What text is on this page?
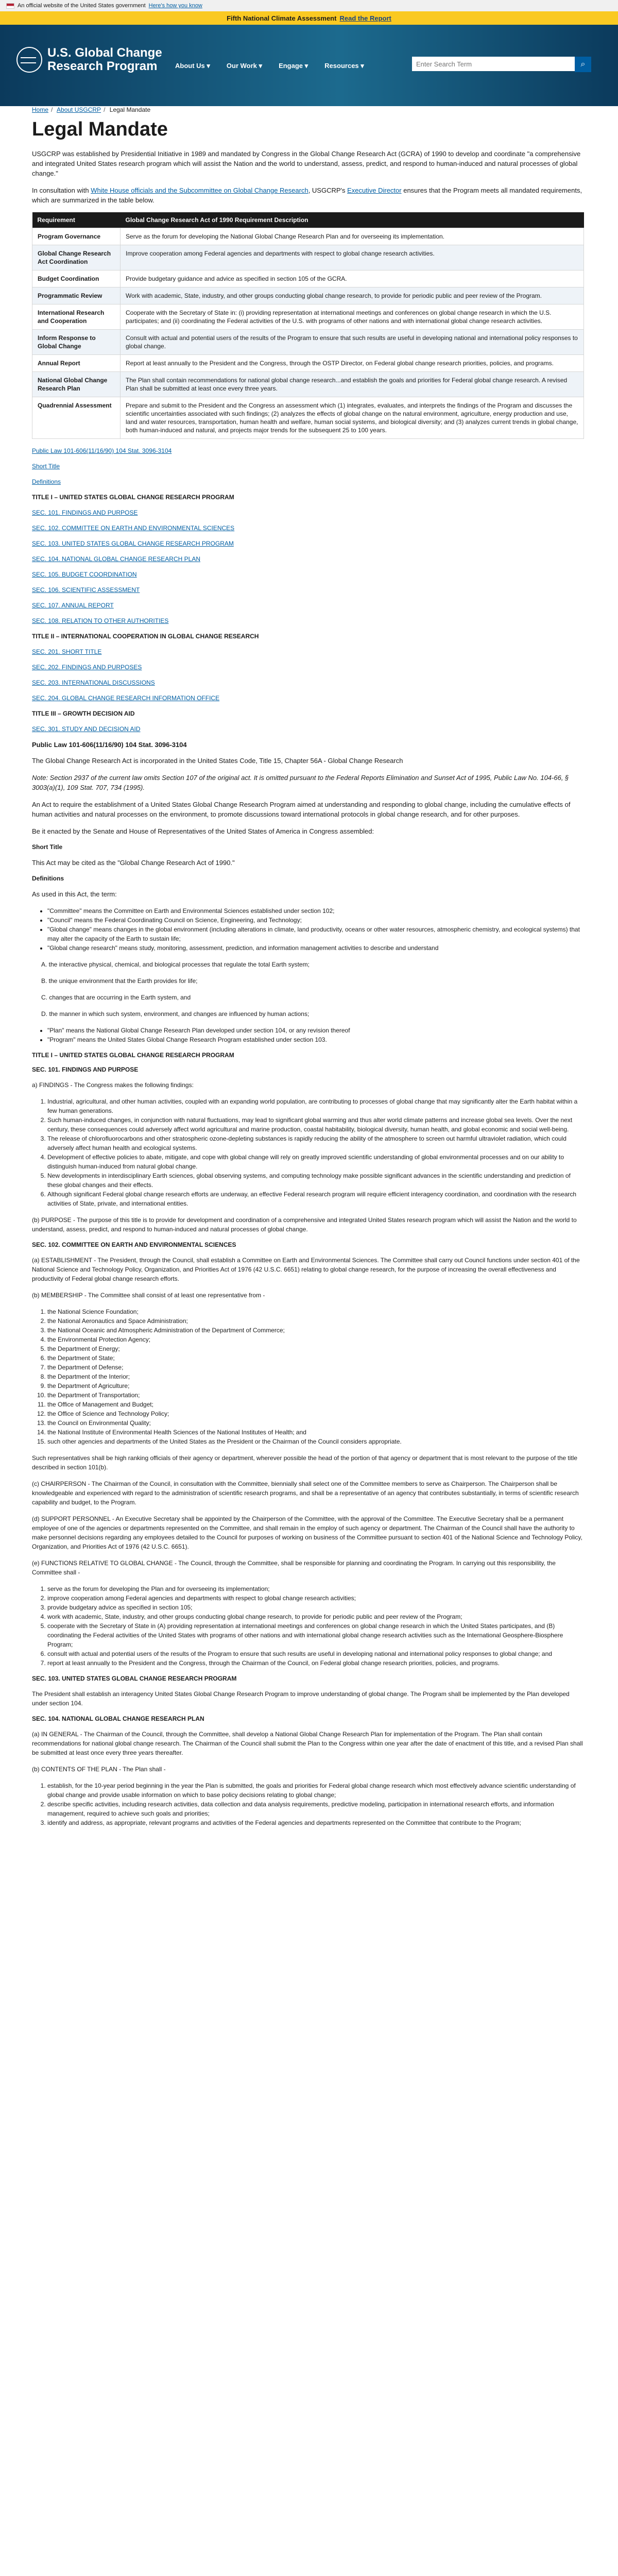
An official website of the United States government Here's how you know
Fifth National Climate Assessment Read the Report
U.S. Global Change
Research Program	About Us ▾ Our Work ▾ Engage ▾ Resources ▾
Enter Search Term	⌕
Home / About USGCRP / Legal Mandate
Legal Mandate

USGCRP was established by Presidential Initiative in 1989 and mandated by Congress in the Global Change Research Act (GCRA) of 1990 to develop and coordinate "a comprehensive and integrated United States research program which will assist the Nation and the world to understand, assess, predict, and respond to human-induced and natural processes of global change."

In consultation with White House officials and the Subcommittee on Global Change Research, USGCRP's Executive Director ensures that the Program meets all mandated requirements, which are summarized in the table below.

Requirement	Global Change Research Act of 1990 Requirement Description
Program Governance	Serve as the forum for developing the National Global Change Research Plan and for overseeing its implementation.
Global Change Research Act Coordination	Improve cooperation among Federal agencies and departments with respect to global change research activities.
Budget Coordination	Provide budgetary guidance and advice as specified in section 105 of the GCRA.
Programmatic Review	Work with academic, State, industry, and other groups conducting global change research, to provide for periodic public and peer review of the Program.
International Research and Cooperation	Cooperate with the Secretary of State in: (i) providing representation at international meetings and conferences on global change research in which the U.S. participates; and (ii) coordinating the Federal activities of the U.S. with programs of other nations and with international global change research activities.
Inform Response to Global Change	Consult with actual and potential users of the results of the Program to ensure that such results are useful in developing national and international policy responses to global change.
Annual Report	Report at least annually to the President and the Congress, through the OSTP Director, on Federal global change research priorities, policies, and programs.
National Global Change Research Plan	The Plan shall contain recommendations for national global change research...and establish the goals and priorities for Federal global change research. A revised Plan shall be submitted at least once every three years.
Quadrennial Assessment	Prepare and submit to the President and the Congress an assessment which (1) integrates, evaluates, and interprets the findings of the Program and discusses the scientific uncertainties associated with such findings; (2) analyzes the effects of global change on the natural environment, agriculture, energy production and use, land and water resources, transportation, human health and welfare, human social systems, and biological diversity; and (3) analyzes current trends in global change, both human-induced and natural, and projects major trends for the subsequent 25 to 100 years.
Public Law 101-606(11/16/90) 104 Stat. 3096-3104
Short Title
Definitions
TITLE I – UNITED STATES GLOBAL CHANGE RESEARCH PROGRAM
SEC. 101. FINDINGS AND PURPOSE
SEC. 102. COMMITTEE ON EARTH AND ENVIRONMENTAL SCIENCES
SEC. 103. UNITED STATES GLOBAL CHANGE RESEARCH PROGRAM
SEC. 104. NATIONAL GLOBAL CHANGE RESEARCH PLAN
SEC. 105. BUDGET COORDINATION
SEC. 106. SCIENTIFIC ASSESSMENT
SEC. 107. ANNUAL REPORT
SEC. 108. RELATION TO OTHER AUTHORITIES
TITLE II – INTERNATIONAL COOPERATION IN GLOBAL CHANGE RESEARCH
SEC. 201. SHORT TITLE
SEC. 202. FINDINGS AND PURPOSES
SEC. 203. INTERNATIONAL DISCUSSIONS
SEC. 204. GLOBAL CHANGE RESEARCH INFORMATION OFFICE
TITLE III – GROWTH DECISION AID
SEC. 301. STUDY AND DECISION AID
Public Law 101-606(11/16/90) 104 Stat. 3096-3104

The Global Change Research Act is incorporated in the United States Code, Title 15, Chapter 56A - Global Change Research

Note: Section 2937 of the current law omits Section 107 of the original act. It is omitted pursuant to the Federal Reports Elimination and Sunset Act of 1995, Public Law No. 104-66, § 3003(a)(1), 109 Stat. 707, 734 (1995).

An Act to require the establishment of a United States Global Change Research Program aimed at understanding and responding to global change, including the cumulative effects of human activities and natural processes on the environment, to promote discussions toward international protocols in global change research, and for other purposes.

Be it enacted by the Senate and House of Representatives of the United States of America in Congress assembled:

Short Title

This Act may be cited as the "Global Change Research Act of 1990."

Definitions

As used in this Act, the term:

• "Committee" means the Committee on Earth and Environmental Sciences established under section 102;
• "Council" means the Federal Coordinating Council on Science, Engineering, and Technology;
• "Global change" means changes in the global environment (including alterations in climate, land productivity, oceans or other water resources, atmospheric chemistry, and ecological systems) that may alter the capacity of the Earth to sustain life;
• "Global change research" means study, monitoring, assessment, prediction, and information management activities to describe and understand

A. the interactive physical, chemical, and biological processes that regulate the total Earth system;

B. the unique environment that the Earth provides for life;

C. changes that are occurring in the Earth system, and

D. the manner in which such system, environment, and changes are influenced by human actions;

• "Plan" means the National Global Change Research Plan developed under section 104, or any revision thereof
• "Program" means the United States Global Change Research Program established under section 103.
TITLE I – UNITED STATES GLOBAL CHANGE RESEARCH PROGRAM
SEC. 101. FINDINGS AND PURPOSE

a) FINDINGS - The Congress makes the following findings:

1. Industrial, agricultural, and other human activities, coupled with an expanding world population, are contributing to processes of global change that may significantly alter the Earth habitat within a few human generations.
2. Such human-induced changes, in conjunction with natural fluctuations, may lead to significant global warming and thus alter world climate patterns and increase global sea levels. Over the next century, these consequences could adversely affect world agricultural and marine production, coastal habitability, biological diversity, human health, and global economic and social well-being.
3. The release of chlorofluorocarbons and other stratospheric ozone-depleting substances is rapidly reducing the ability of the atmosphere to screen out harmful ultraviolet radiation, which could adversely affect human health and ecological systems.
4. Development of effective policies to abate, mitigate, and cope with global change will rely on greatly improved scientific understanding of global environmental processes and on our ability to distinguish human-induced from natural global change.
5. New developments in interdisciplinary Earth sciences, global observing systems, and computing technology make possible significant advances in the scientific understanding and prediction of these global changes and their effects.
6. Although significant Federal global change research efforts are underway, an effective Federal research program will require efficient interagency coordination, and coordination with the research activities of State, private, and international entities.

(b) PURPOSE - The purpose of this title is to provide for development and coordination of a comprehensive and integrated United States research program which will assist the Nation and the world to understand, assess, predict, and respond to human-induced and natural processes of global change.

SEC. 102. COMMITTEE ON EARTH AND ENVIRONMENTAL SCIENCES

(a) ESTABLISHMENT - The President, through the Council, shall establish a Committee on Earth and Environmental Sciences. The Committee shall carry out Council functions under section 401 of the National Science and Technology Policy, Organization, and Priorities Act of 1976 (42 U.S.C. 6651) relating to global change research, for the purpose of increasing the overall effectiveness and productivity of Federal global change research efforts.

(b) MEMBERSHIP - The Committee shall consist of at least one representative from -

1. the National Science Foundation;
2. the National Aeronautics and Space Administration;
3. the National Oceanic and Atmospheric Administration of the Department of Commerce;
4. the Environmental Protection Agency;
5. the Department of Energy;
6. the Department of State;
7. the Department of Defense;
8. the Department of the Interior;
9. the Department of Agriculture;
10. the Department of Transportation;
11. the Office of Management and Budget;
12. the Office of Science and Technology Policy;
13. the Council on Environmental Quality;
14. the National Institute of Environmental Health Sciences of the National Institutes of Health; and
15. such other agencies and departments of the United States as the President or the Chairman of the Council considers appropriate.

Such representatives shall be high ranking officials of their agency or department, wherever possible the head of the portion of that agency or department that is most relevant to the purpose of the title described in section 101(b).

(c) CHAIRPERSON - The Chairman of the Council, in consultation with the Committee, biennially shall select one of the Committee members to serve as Chairperson. The Chairperson shall be knowledgeable and experienced with regard to the administration of scientific research programs, and shall be a representative of an agency that contributes substantially, in terms of scientific research capability and budget, to the Program.

(d) SUPPORT PERSONNEL - An Executive Secretary shall be appointed by the Chairperson of the Committee, with the approval of the Committee. The Executive Secretary shall be a permanent employee of one of the agencies or departments represented on the Committee, and shall remain in the employ of such agency or department. The Chairman of the Council shall have the authority to make personnel decisions regarding any employees detailed to the Council for purposes of working on business of the Committee pursuant to section 401 of the National Science and Technology Policy, Organization, and Priorities Act of 1976 (42 U.S.C. 6651).

(e) FUNCTIONS RELATIVE TO GLOBAL CHANGE - The Council, through the Committee, shall be responsible for planning and coordinating the Program. In carrying out this responsibility, the Committee shall -

1. serve as the forum for developing the Plan and for overseeing its implementation;
2. improve cooperation among Federal agencies and departments with respect to global change research activities;
3. provide budgetary advice as specified in section 105;
4. work with academic, State, industry, and other groups conducting global change research, to provide for periodic public and peer review of the Program;
5. cooperate with the Secretary of State in (A) providing representation at international meetings and conferences on global change research in which the United States participates, and (B) coordinating the Federal activities of the United States with programs of other nations and with international global change research activities such as the International Geosphere-Biosphere Program;
6. consult with actual and potential users of the results of the Program to ensure that such results are useful in developing national and international policy responses to global change; and
7. report at least annually to the President and the Congress, through the Chairman of the Council, on Federal global change research priorities, policies, and programs.
SEC. 103. UNITED STATES GLOBAL CHANGE RESEARCH PROGRAM

The President shall establish an interagency United States Global Change Research Program to improve understanding of global change. The Program shall be implemented by the Plan developed under section 104.

SEC. 104. NATIONAL GLOBAL CHANGE RESEARCH PLAN

(a) IN GENERAL - The Chairman of the Council, through the Committee, shall develop a National Global Change Research Plan for implementation of the Program. The Plan shall contain recommendations for national global change research. The Chairman of the Council shall submit the Plan to the Congress within one year after the date of enactment of this title, and a revised Plan shall be submitted at least once every three years thereafter.

(b) CONTENTS OF THE PLAN - The Plan shall -

1. establish, for the 10-year period beginning in the year the Plan is submitted, the goals and priorities for Federal global change research which most effectively advance scientific understanding of global change and provide usable information on which to base policy decisions relating to global change;
2. describe specific activities, including research activities, data collection and data analysis requirements, predictive modeling, participation in international research efforts, and information management, required to achieve such goals and priorities;
3. identify and address, as appropriate, relevant programs and activities of the Federal agencies and departments represented on the Committee that contribute to the Program;
